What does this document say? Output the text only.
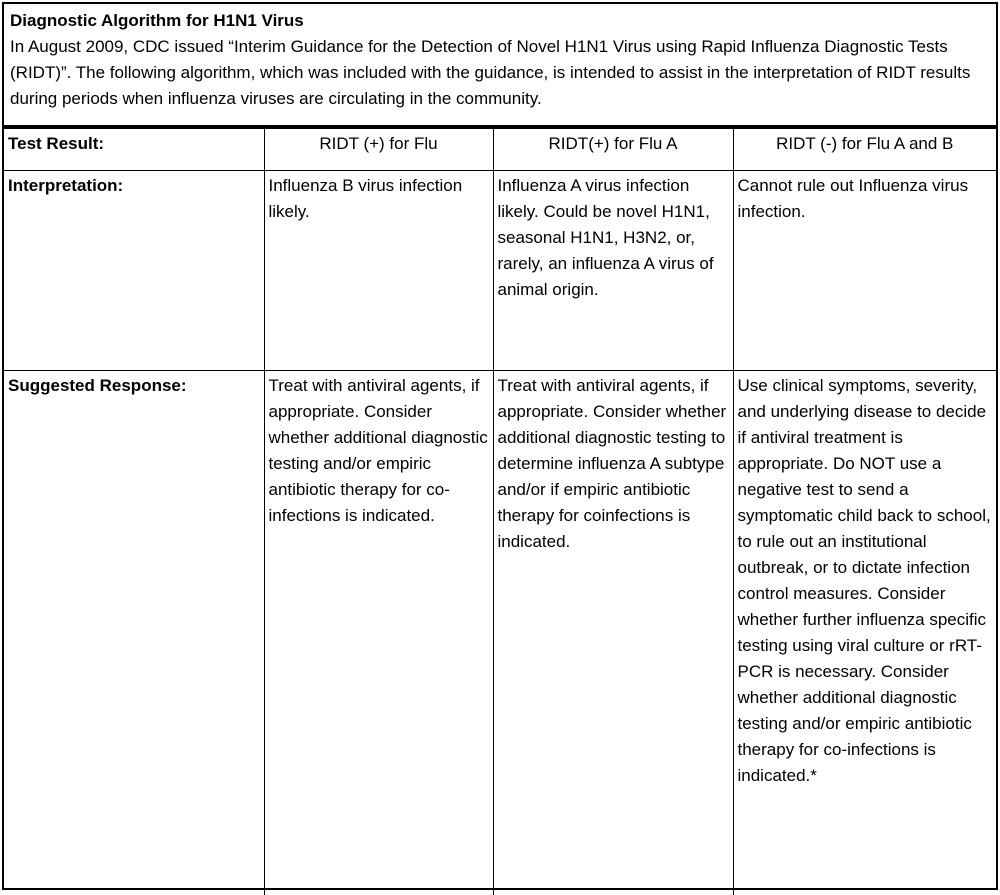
Diagnostic Algorithm for H1N1 Virus
In August 2009, CDC issued “Interim Guidance for the Detection of Novel H1N1 Virus using Rapid Influenza Diagnostic Tests (RIDT)”. The following algorithm, which was included with the guidance, is intended to assist in the interpretation of RIDT results during periods when influenza viruses are circulating in the community.
Test Result:	RIDT (+) for Flu	RIDT(+) for Flu A	RIDT (-) for Flu A and B
Interpretation:	Influenza B virus infection likely.	Influenza A virus infection likely. Could be novel H1N1, seasonal H1N1, H3N2, or, rarely, an influenza A virus of animal origin.	Cannot rule out Influenza virus infection.
Suggested Response:	Treat with antiviral agents, if appropriate. Consider whether additional diagnostic testing and/or empiric antibiotic therapy for co-infections is indicated.	Treat with antiviral agents, if appropriate. Consider whether additional diagnostic testing to determine influenza A subtype and/or if empiric antibiotic therapy for coinfections is indicated.	Use clinical symptoms, severity, and underlying disease to decide if antiviral treatment is appropriate. Do NOT use a negative test to send a symptomatic child back to school, to rule out an institutional outbreak, or to dictate infection control measures. Consider whether further influenza specific testing using viral culture or rRT-PCR is necessary. Consider whether additional diagnostic testing and/or empiric antibiotic therapy for co-infections is indicated.*
